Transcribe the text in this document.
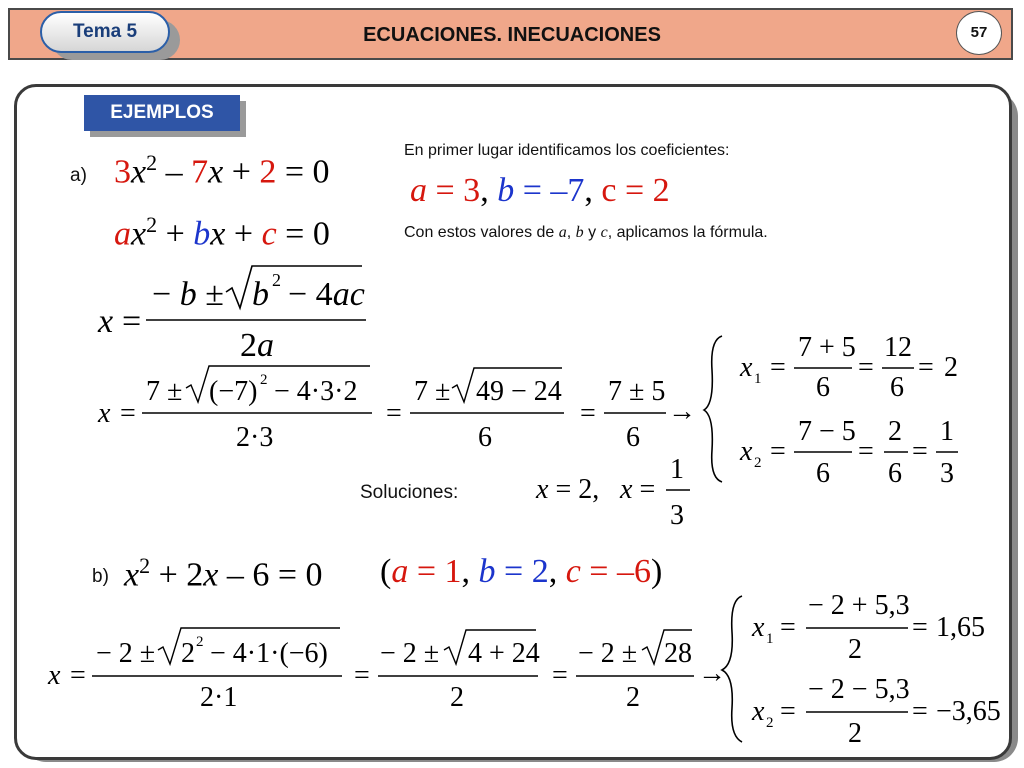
Tema 5	ECUACIONES. INECUACIONES	57
EJEMPLOS
a)
En primer lugar identificamos los coeficientes:
$3x^2 - 7x + 2 = 0$
$ax^2$ + bx + c = 0
a = 3, b = –7, c = 2
Con estos valores de a, b y c, aplicamos la fórmula.
Soluciones:
b) $x^2 + 2x - 6 = 0$ (a = 1, b = 2, c = –6)
x =
− b ± b 2 − 4ac
2a
x =
7 ± (−7) 2 − 4·3·2
2·3
=
7 ± 49 − 24
6
=
7 ± 5
6
→
x 1 =
7 + 5
6
=
12
6
= 2
x 2 =
7 − 5
6
=
2
6
=
1
3
x = 2, x =
1
3
x =
− 2 ± 2 2 − 4·1·(−6)
2·1
=
− 2 ± 4 + 24
2
=
− 2 ± 28
2
→
x 1 =
− 2 + 5,3
2
= 1,65
x 2 =
− 2 − 5,3
2
= −3,65
